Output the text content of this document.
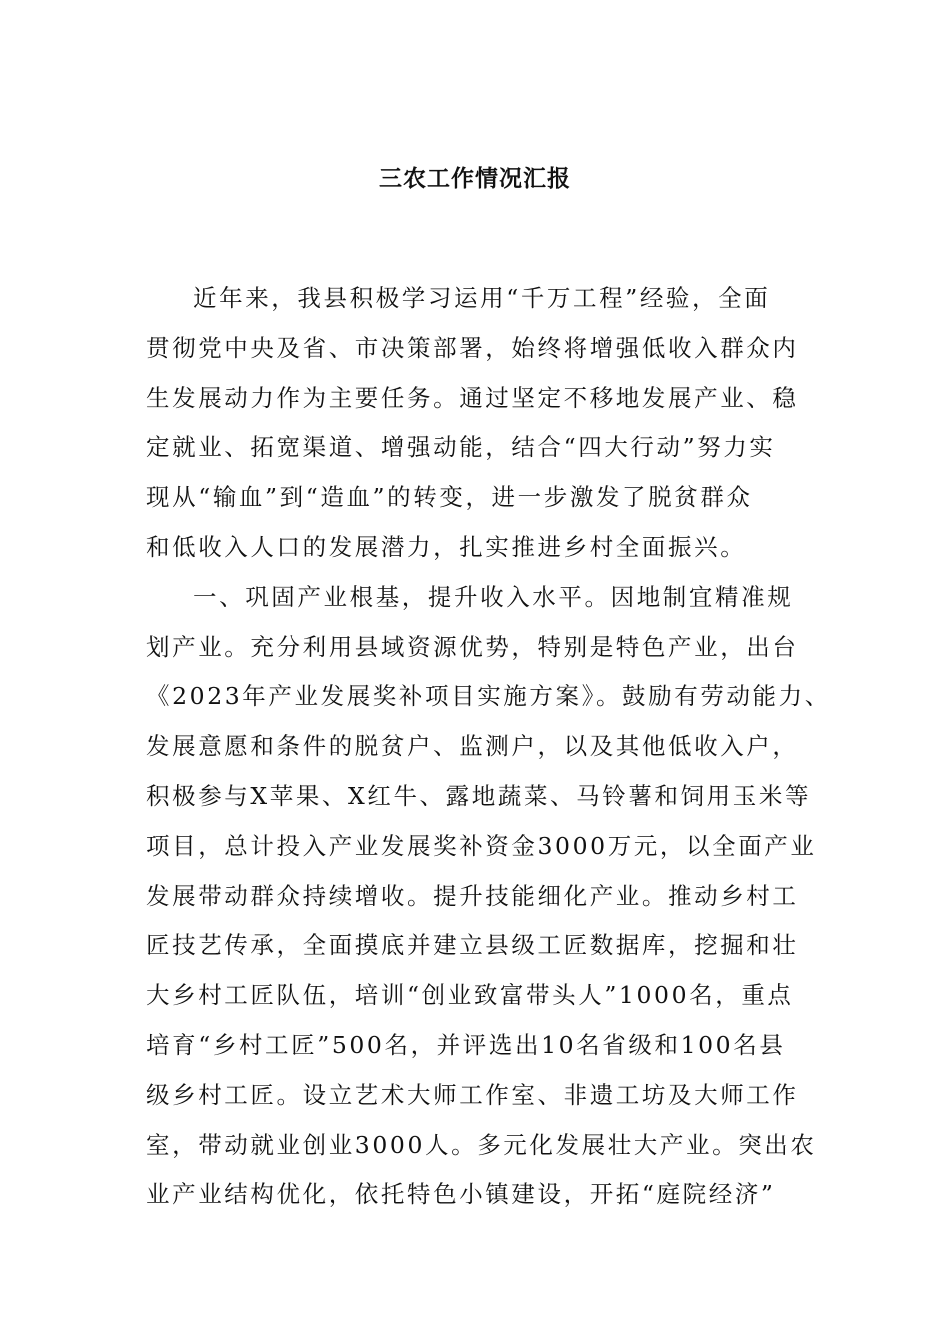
三农工作情况汇报
近年来，我县积极学习运用“千万工程”经验，全面
贯彻党中央及省、市决策部署，始终将增强低收入群众内
生发展动力作为主要任务。通过坚定不移地发展产业、稳
定就业、拓宽渠道、增强动能，结合“四大行动”努力实
现从“输血”到“造血”的转变，进一步激发了脱贫群众
和低收入人口的发展潜力，扎实推进乡村全面振兴。
一、巩固产业根基，提升收入水平。因地制宜精准规
划产业。充分利用县域资源优势，特别是特色产业，出台
《2023年产业发展奖补项目实施方案》。鼓励有劳动能力、
发展意愿和条件的脱贫户、监测户，以及其他低收入户，
积极参与X苹果、X红牛、露地蔬菜、马铃薯和饲用玉米等
项目，总计投入产业发展奖补资金3000万元，以全面产业
发展带动群众持续增收。提升技能细化产业。推动乡村工
匠技艺传承，全面摸底并建立县级工匠数据库，挖掘和壮
大乡村工匠队伍，培训“创业致富带头人”1000名，重点
培育“乡村工匠”500名，并评选出10名省级和100名县
级乡村工匠。设立艺术大师工作室、非遗工坊及大师工作
室，带动就业创业3000人。多元化发展壮大产业。突出农
业产业结构优化，依托特色小镇建设，开拓“庭院经济”
